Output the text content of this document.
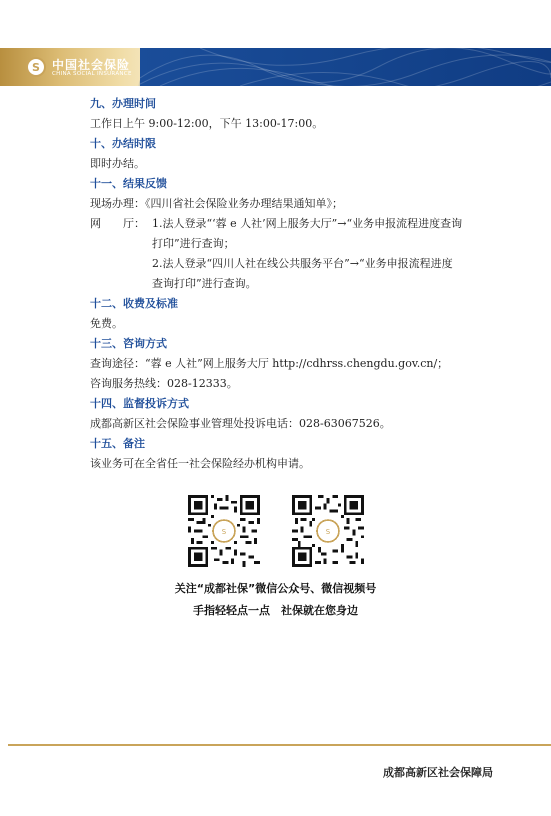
S 中国社会保险
CHINA SOCIAL INSURANCE
九、办理时间
工作日上午 9:00-12:00，下午 13:00-17:00。
十、办结时限
即时办结。
十一、结果反馈
现场办理：《四川省社会保险业务办理结果通知单》；
网　　厅： 1.法人登录“‘蓉 e 人社’网上服务大厅”→“业务申报流程进度查询
打印”进行查询；
2.法人登录“四川人社在线公共服务平台”→“业务申报流程进度
查询打印”进行查询。
十二、收费及标准
免费。
十三、咨询方式
查询途径：“蓉 e 人社”网上服务大厅 http://cdhrss.chengdu.gov.cn/；
咨询服务热线：028-12333。
十四、监督投诉方式
成都高新区社会保险事业管理处投诉电话：028-63067526。
十五、备注
该业务可在全省任一社会保险经办机构申请。
S	S
关注“成都社保”微信公众号、微信视频号
手指轻轻点一点　社保就在您身边
成都高新区社会保障局
